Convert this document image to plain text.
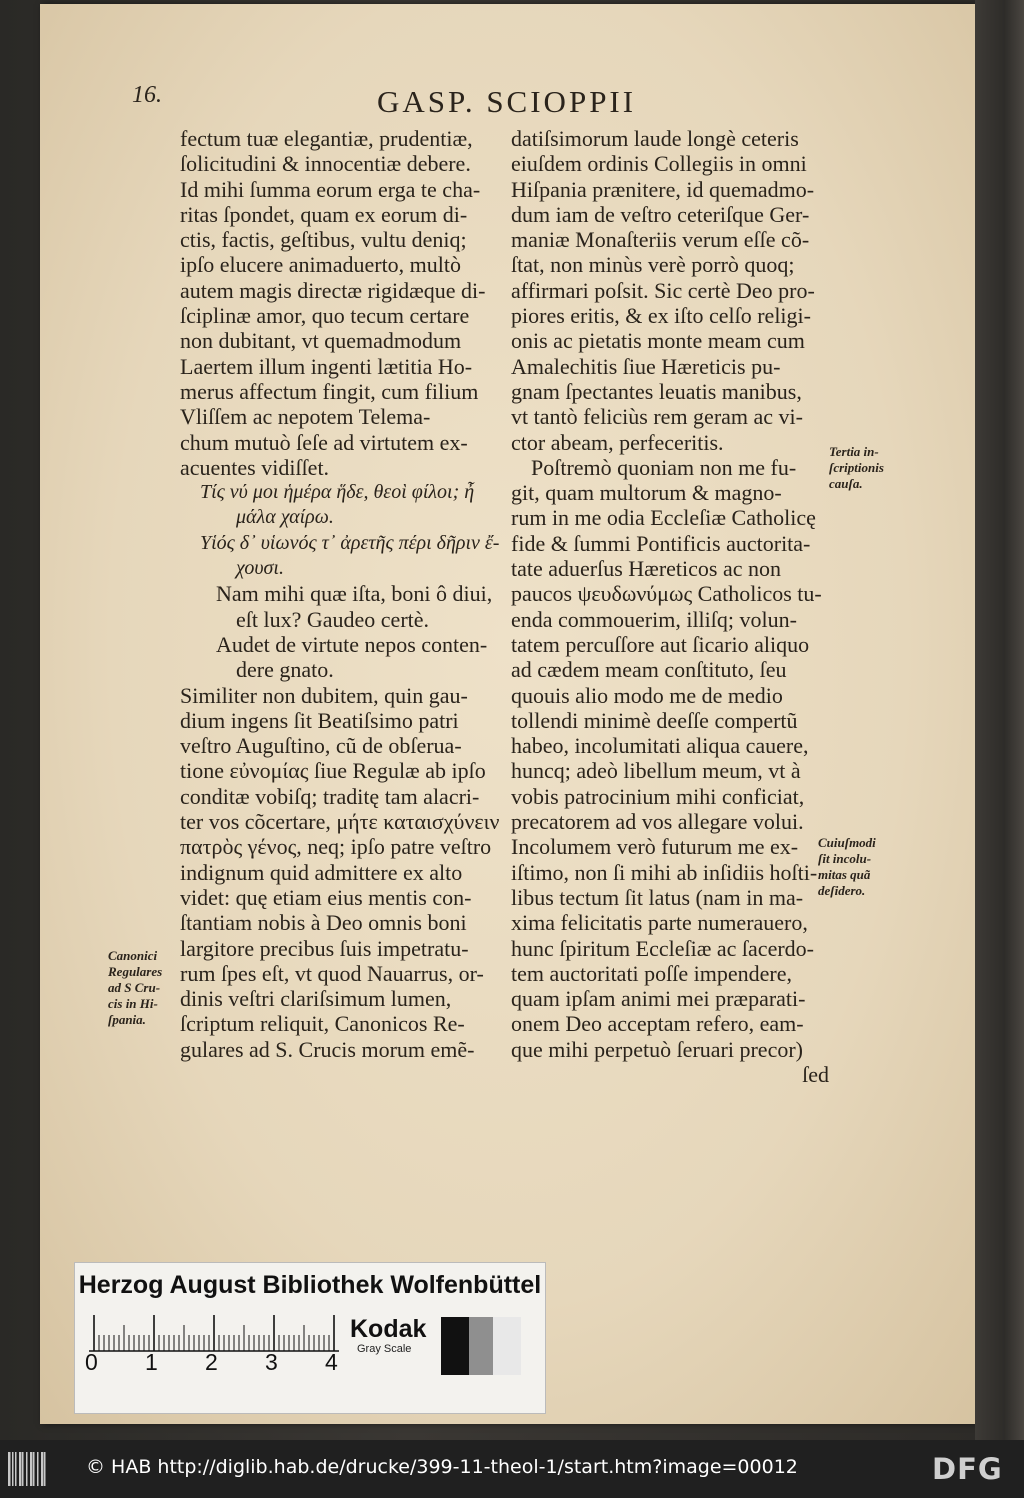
16.	GASP. SCIOPPII
fectum tuæ elegantiæ, prudentiæ,
ſolicitudini & innocentiæ debere.
Id mihi ſumma eorum erga te cha-
ritas ſpondet, quam ex eorum di-
ctis, factis, geſtibus, vultu deniq;
ipſo elucere animaduerto, multò
autem magis directæ rigidæque di-
ſciplinæ amor, quo tecum certare
non dubitant, vt quemadmodum
Laertem illum ingenti lætitia Ho-
merus affectum fingit, cum filium
Vliſſem ac nepotem Telema-
chum mutuò ſeſe ad virtutem ex-
acuentes vidiſſet.
Τίς νύ μοι ἡμέρα ἥδε, θεοὶ φίλοι; ἦ
μάλα χαίρω.
Υἱός δ᾽ υἱωνός τ᾽ ἀρετῆς πέρι δῆριν ἔ-
χουσι.
Nam mihi quæ iſta, boni ô diui,
eſt lux? Gaudeo certè.
Audet de virtute nepos conten-
dere gnato.
Similiter non dubitem, quin gau-
dium ingens ſit Beatiſsimo patri
veſtro Auguſtino, cũ de obſerua-
tione εὐνομίας ſiue Regulæ ab ipſo
conditæ vobiſq; traditę tam alacri-
ter vos cõcertare, μήτε καταισχύνειν
πατρὸς γένος, neq; ipſo patre veſtro
indignum quid admittere ex alto
videt: quę etiam eius mentis con-
ſtantiam nobis à Deo omnis boni
largitore precibus ſuis impetratu-
rum ſpes eſt, vt quod Nauarrus, or-
dinis veſtri clariſsimum lumen,
ſcriptum reliquit, Canonicos Re-
gulares ad S. Crucis morum emẽ-
datiſsimorum laude longè ceteris
eiuſdem ordinis Collegiis in omni
Hiſpania prænitere, id quemadmo-
dum iam de veſtro ceteriſque Ger-
maniæ Monaſteriis verum eſſe cõ-
ſtat, non minùs verè porrò quoq;
affirmari poſsit. Sic certè Deo pro-
piores eritis, & ex iſto celſo religi-
onis ac pietatis monte meam cum
Amalechitis ſiue Hæreticis pu-
gnam ſpectantes leuatis manibus,
vt tantò feliciùs rem geram ac vi-
ctor abeam, perfeceritis.
Poſtremò quoniam non me fu-
git, quam multorum & magno-
rum in me odia Eccleſiæ Catholicę
fide & ſummi Pontificis auctorita-
tate aduerſus Hæreticos ac non
paucos ψευδωνύμως Catholicos tu-
enda commouerim, illiſq; volun-
tatem percuſſore aut ſicario aliquo
ad cædem meam conſtituto, ſeu
quouis alio modo me de medio
tollendi minimè deeſſe compertũ
habeo, incolumitati aliqua cauere,
huncq; adeò libellum meum, vt à
vobis patrocinium mihi conficiat,
precatorem ad vos allegare volui.
Incolumem verò futurum me ex-
iſtimo, non ſi mihi ab inſidiis hoſti-
libus tectum ſit latus (nam in ma-
xima felicitatis parte numerauero,
hunc ſpiritum Eccleſiæ ac ſacerdo-
tem auctoritati poſſe impendere,
quam ipſam animi mei præparati-
onem Deo acceptam refero, eam-
que mihi perpetuò ſeruari precor)
ſed
Canonici
Regulares
ad S Cru-
cis in Hi-
ſpania.
Tertia in-
ſcriptionis
cauſa.
Cuiuſmodi
ſit incolu-
mitas quã
deſidero.
Herzog August Bibliothek Wolfenbüttel
0 1 2 3 4
Kodak
Gray Scale
© HAB http://diglib.hab.de/drucke/399-11-theol-1/start.htm?image=00012	DFG
